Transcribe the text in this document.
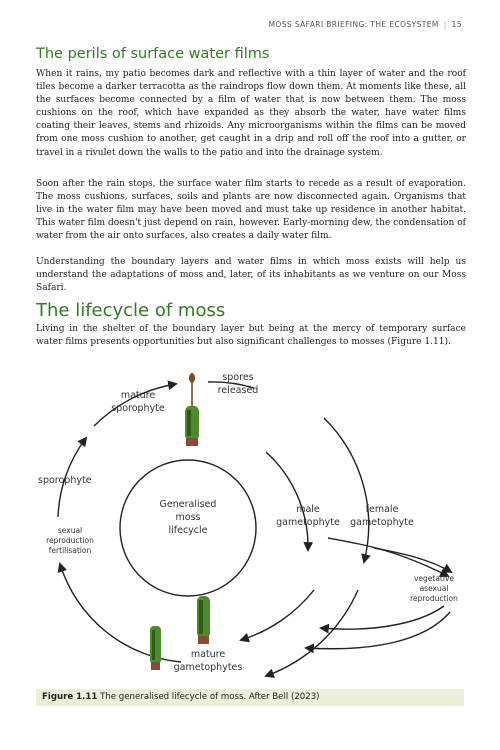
MOSS SAFARI BRIEFING: THE ECOSYSTEM | 15
The perils of surface water films

When it rains, my patio becomes dark and reflective with a thin layer of water and the roof tiles become a darker terracotta as the raindrops flow down them. At moments like these, all the surfaces become connected by a film of water that is now between them. The moss cushions on the roof, which have expanded as they absorb the water, have water films coating their leaves, stems and rhizoids. Any microorganisms within the films can be moved from one moss cushion to another, get caught in a drip and roll off the roof into a gutter, or travel in a rivulet down the walls to the patio and into the drainage system.

Soon after the rain stops, the surface water film starts to recede as a result of evaporation. The moss cushions, surfaces, soils and plants are now disconnected again. Organisms that live in the water film may have been moved and must take up residence in another habitat. This water film doesn't just depend on rain, however. Early-morning dew, the condensation of water from the air onto surfaces, also creates a daily water film.

Understanding the boundary layers and water films in which moss exists will help us understand the adaptations of moss and, later, of its inhabitants as we venture on our Moss Safari.

The lifecycle of moss

Living in the shelter of the boundary layer but being at the mercy of temporary surface water films presents opportunities but also significant challenges to mosses (Figure 1.11).

Generalised
moss
lifecycle
mature
sporophyte
spores
released
sporophyte
sexual
reproduction
fertilisation
male
gametophyte
female
gametophyte
vegetative
asexual
reproduction
mature
gametophytes
Figure 1.11 The generalised lifecycle of moss. After Bell (2023)
